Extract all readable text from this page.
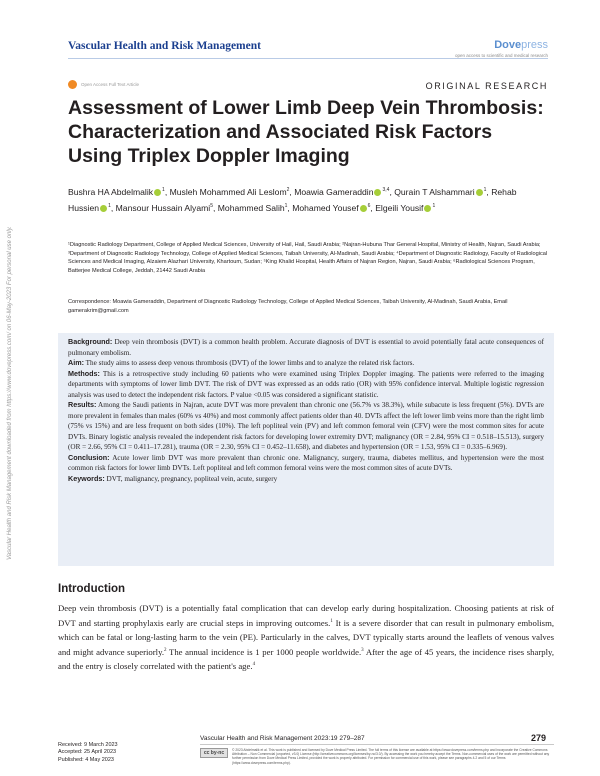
Vascular Health and Risk Management	Dovepress
open access to scientific and medical research
Open Access Full Text Article	ORIGINAL RESEARCH
Vascular Health and Risk Management downloaded from https://www.dovepress.com/ on 06-May-2023 For personal use only.
Assessment of Lower Limb Deep Vein Thrombosis: Characterization and Associated Risk Factors Using Triplex Doppler Imaging
Bushra HA Abdelmalik $^1$, Musleh Mohammed Ali Leslom$^2$, Moawia Gameraddin $^{3,4}$, Qurain T Alshammari $^1$, Rehab Hussien $^1$, Mansour Hussain Alyami$^5$, Mohammed Salih$^1$, Mohamed Yousef $^6$, Elgeili Yousif $^1$
¹Diagnostic Radiology Department, College of Applied Medical Sciences, University of Hail, Hail, Saudi Arabia; ²Najran-Hubuna Thar General Hospital, Ministry of Health, Najran, Saudi Arabia; ³Department of Diagnostic Radiology Technology, College of Applied Medical Sciences, Taibah University, Al-Madinah, Saudi Arabia; ⁴Department of Diagnostic Radiology, Faculty of Radiological Sciences and Medical Imaging, Alzaiem Alazhari University, Khartoum, Sudan; ⁵King Khalid Hospital, Health Affairs of Najran Region, Najran, Saudi Arabia; ⁶Radiological Sciences Program, Batterjee Medical College, Jeddah, 21442 Saudi Arabia
Correspondence: Moawia Gameraddin, Department of Diagnostic Radiology Technology, College of Applied Medical Sciences, Taibah University, Al-Madinah, Saudi Arabia, Email gamerakrim@gmail.com

Background: Deep vein thrombosis (DVT) is a common health problem. Accurate diagnosis of DVT is essential to avoid potentially fatal acute consequences of pulmonary embolism.

Aim: The study aims to assess deep venous thrombosis (DVT) of the lower limbs and to analyze the related risk factors.

Methods: This is a retrospective study including 60 patients who were examined using Triplex Doppler imaging. The patients were referred to the imaging departments with symptoms of lower limb DVT. The risk of DVT was expressed as an odds ratio (OR) with 95% confidence interval. Multiple logistic regression analysis was used to detect the independent risk factors. P value <0.05 was considered a significant statistic.

Results: Among the Saudi patients in Najran, acute DVT was more prevalent than chronic one (56.7% vs 38.3%), while subacute is less frequent (5%). DVTs are more prevalent in females than males (60% vs 40%) and most commonly affect patients older than 40. DVTs affect the left lower limb veins more than the right limb (75% vs 15%) and are less frequent on both sides (10%). The left popliteal vein (PV) and left common femoral vein (CFV) were the most common sites for acute DVTs. Binary logistic analysis revealed the independent risk factors for developing lower extremity DVT; malignancy (OR = 2.84, 95% CI = 0.518–15.513), surgery (OR = 2.66, 95% CI = 0.411–17.281), trauma (OR = 2.30, 95% CI = 0.452–11.658), and diabetes and hypertension (OR = 1.53, 95% CI = 0.335–6.969).

Conclusion: Acute lower limb DVT was more prevalent than chronic one. Malignancy, surgery, trauma, diabetes mellitus, and hypertension were the most common risk factors for lower limb DVTs. Left popliteal and left common femoral veins were the most common sites of acute DVTs.

Keywords: DVT, malignancy, pregnancy, popliteal vein, acute, surgery

Introduction

Deep vein thrombosis (DVT) is a potentially fatal complication that can develop early during hospitalization. Choosing patients at risk of DVT and starting prophylaxis early are crucial steps in improving outcomes.$^1$ It is a severe disorder that can result in pulmonary embolism, which can be fatal or long-lasting harm to the vein (PE). Particularly in the calves, DVT typically starts around the leaflets of venous valves and might advance superiorly.$^2$ The annual incidence is 1 per 1000 people worldwide.$^3$ After the age of 45 years, the incidence rises sharply, and the entry is closely correlated with the patient's age.$^4$

Received: 9 March 2023
Accepted: 25 April 2023
Published: 4 May 2023
Vascular Health and Risk Management 2023:19 279–287	279
cc by-nc	© 2023 Abdelmalik et al. This work is published and licensed by Dove Medical Press Limited. The full terms of this license are available at https://www.dovepress.com/terms.php and incorporate the Creative Commons Attribution – Non Commercial (unported, v3.0) License (http://creativecommons.org/licenses/by-nc/3.0/). By accessing the work you hereby accept the Terms. Non-commercial uses of the work are permitted without any further permission from Dove Medical Press Limited, provided the work is properly attributed. For permission for commercial use of this work, please see paragraphs 4.2 and 5 of our Terms (https://www.dovepress.com/terms.php).
